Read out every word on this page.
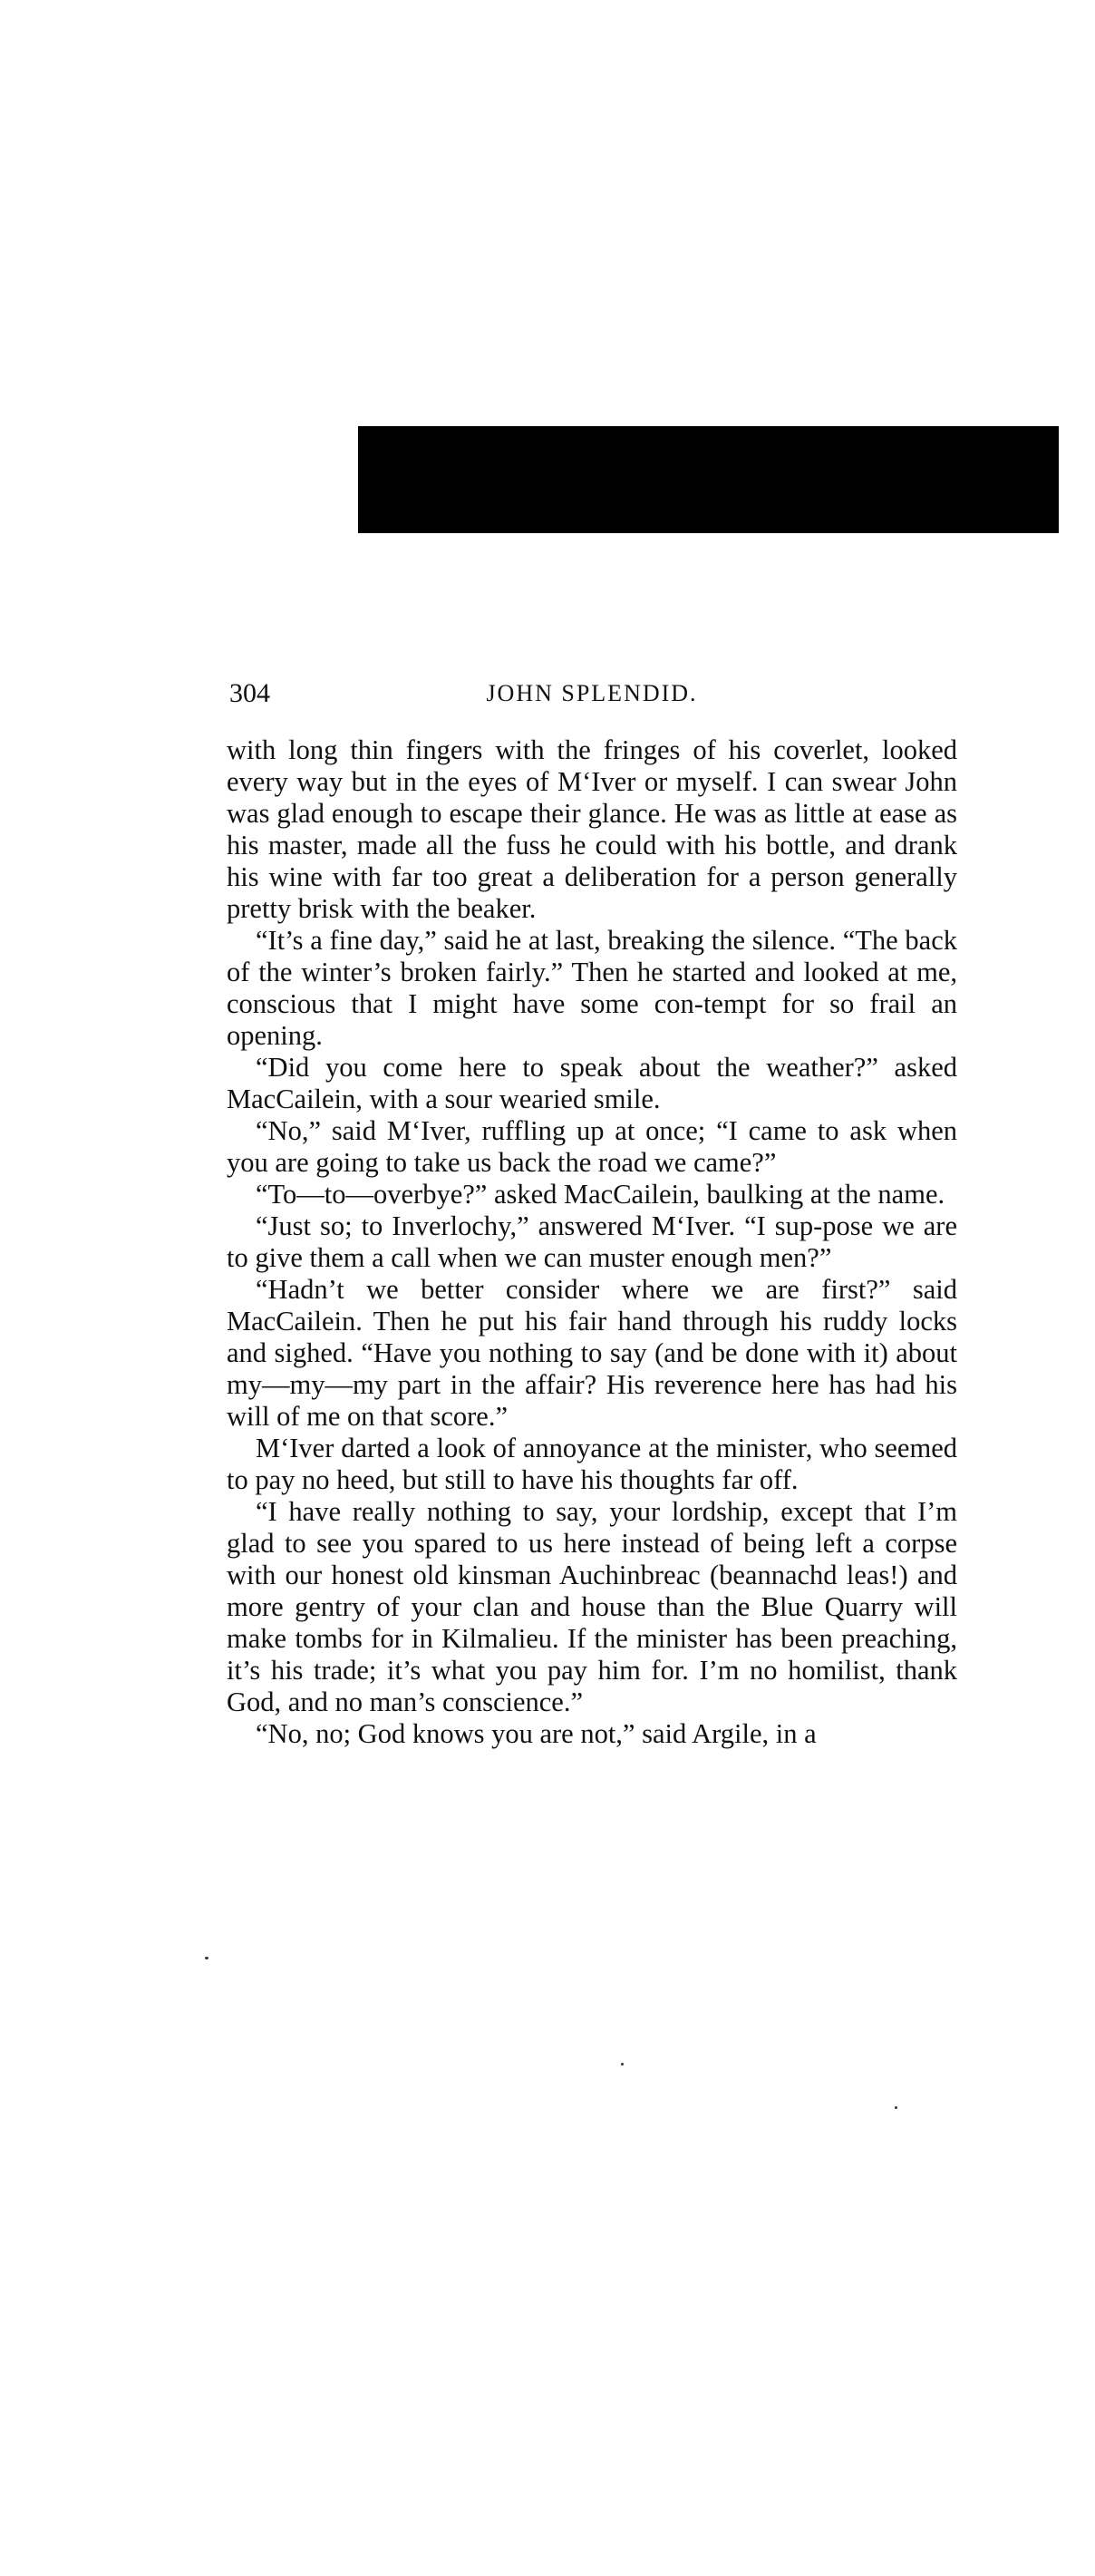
304	JOHN SPLENDID.

with long thin fingers with the fringes of his coverlet, looked every way but in the eyes of M‘Iver or myself. I can swear John was glad enough to escape their glance. He was as little at ease as his master, made all the fuss he could with his bottle, and drank his wine with far too great a deliberation for a person generally pretty brisk with the beaker.

“It’s a fine day,” said he at last, breaking the silence. “The back of the winter’s broken fairly.” Then he started and looked at me, conscious that I might have some con-tempt for so frail an opening.

“Did you come here to speak about the weather?” asked MacCailein, with a sour wearied smile.

“No,” said M‘Iver, ruffling up at once; “I came to ask when you are going to take us back the road we came?”

“To—to—overbye?” asked MacCailein, baulking at the name.

“Just so; to Inverlochy,” answered M‘Iver. “I sup-pose we are to give them a call when we can muster enough men?”

“Hadn’t we better consider where we are first?” said MacCailein. Then he put his fair hand through his ruddy locks and sighed. “Have you nothing to say (and be done with it) about my—my—my part in the affair? His reverence here has had his will of me on that score.”

M‘Iver darted a look of annoyance at the minister, who seemed to pay no heed, but still to have his thoughts far off.

“I have really nothing to say, your lordship, except that I’m glad to see you spared to us here instead of being left a corpse with our honest old kinsman Auchinbreac (beannachd leas!) and more gentry of your clan and house than the Blue Quarry will make tombs for in Kilmalieu. If the minister has been preaching, it’s his trade; it’s what you pay him for. I’m no homilist, thank God, and no man’s conscience.”

“No, no; God knows you are not,” said Argile, in a
